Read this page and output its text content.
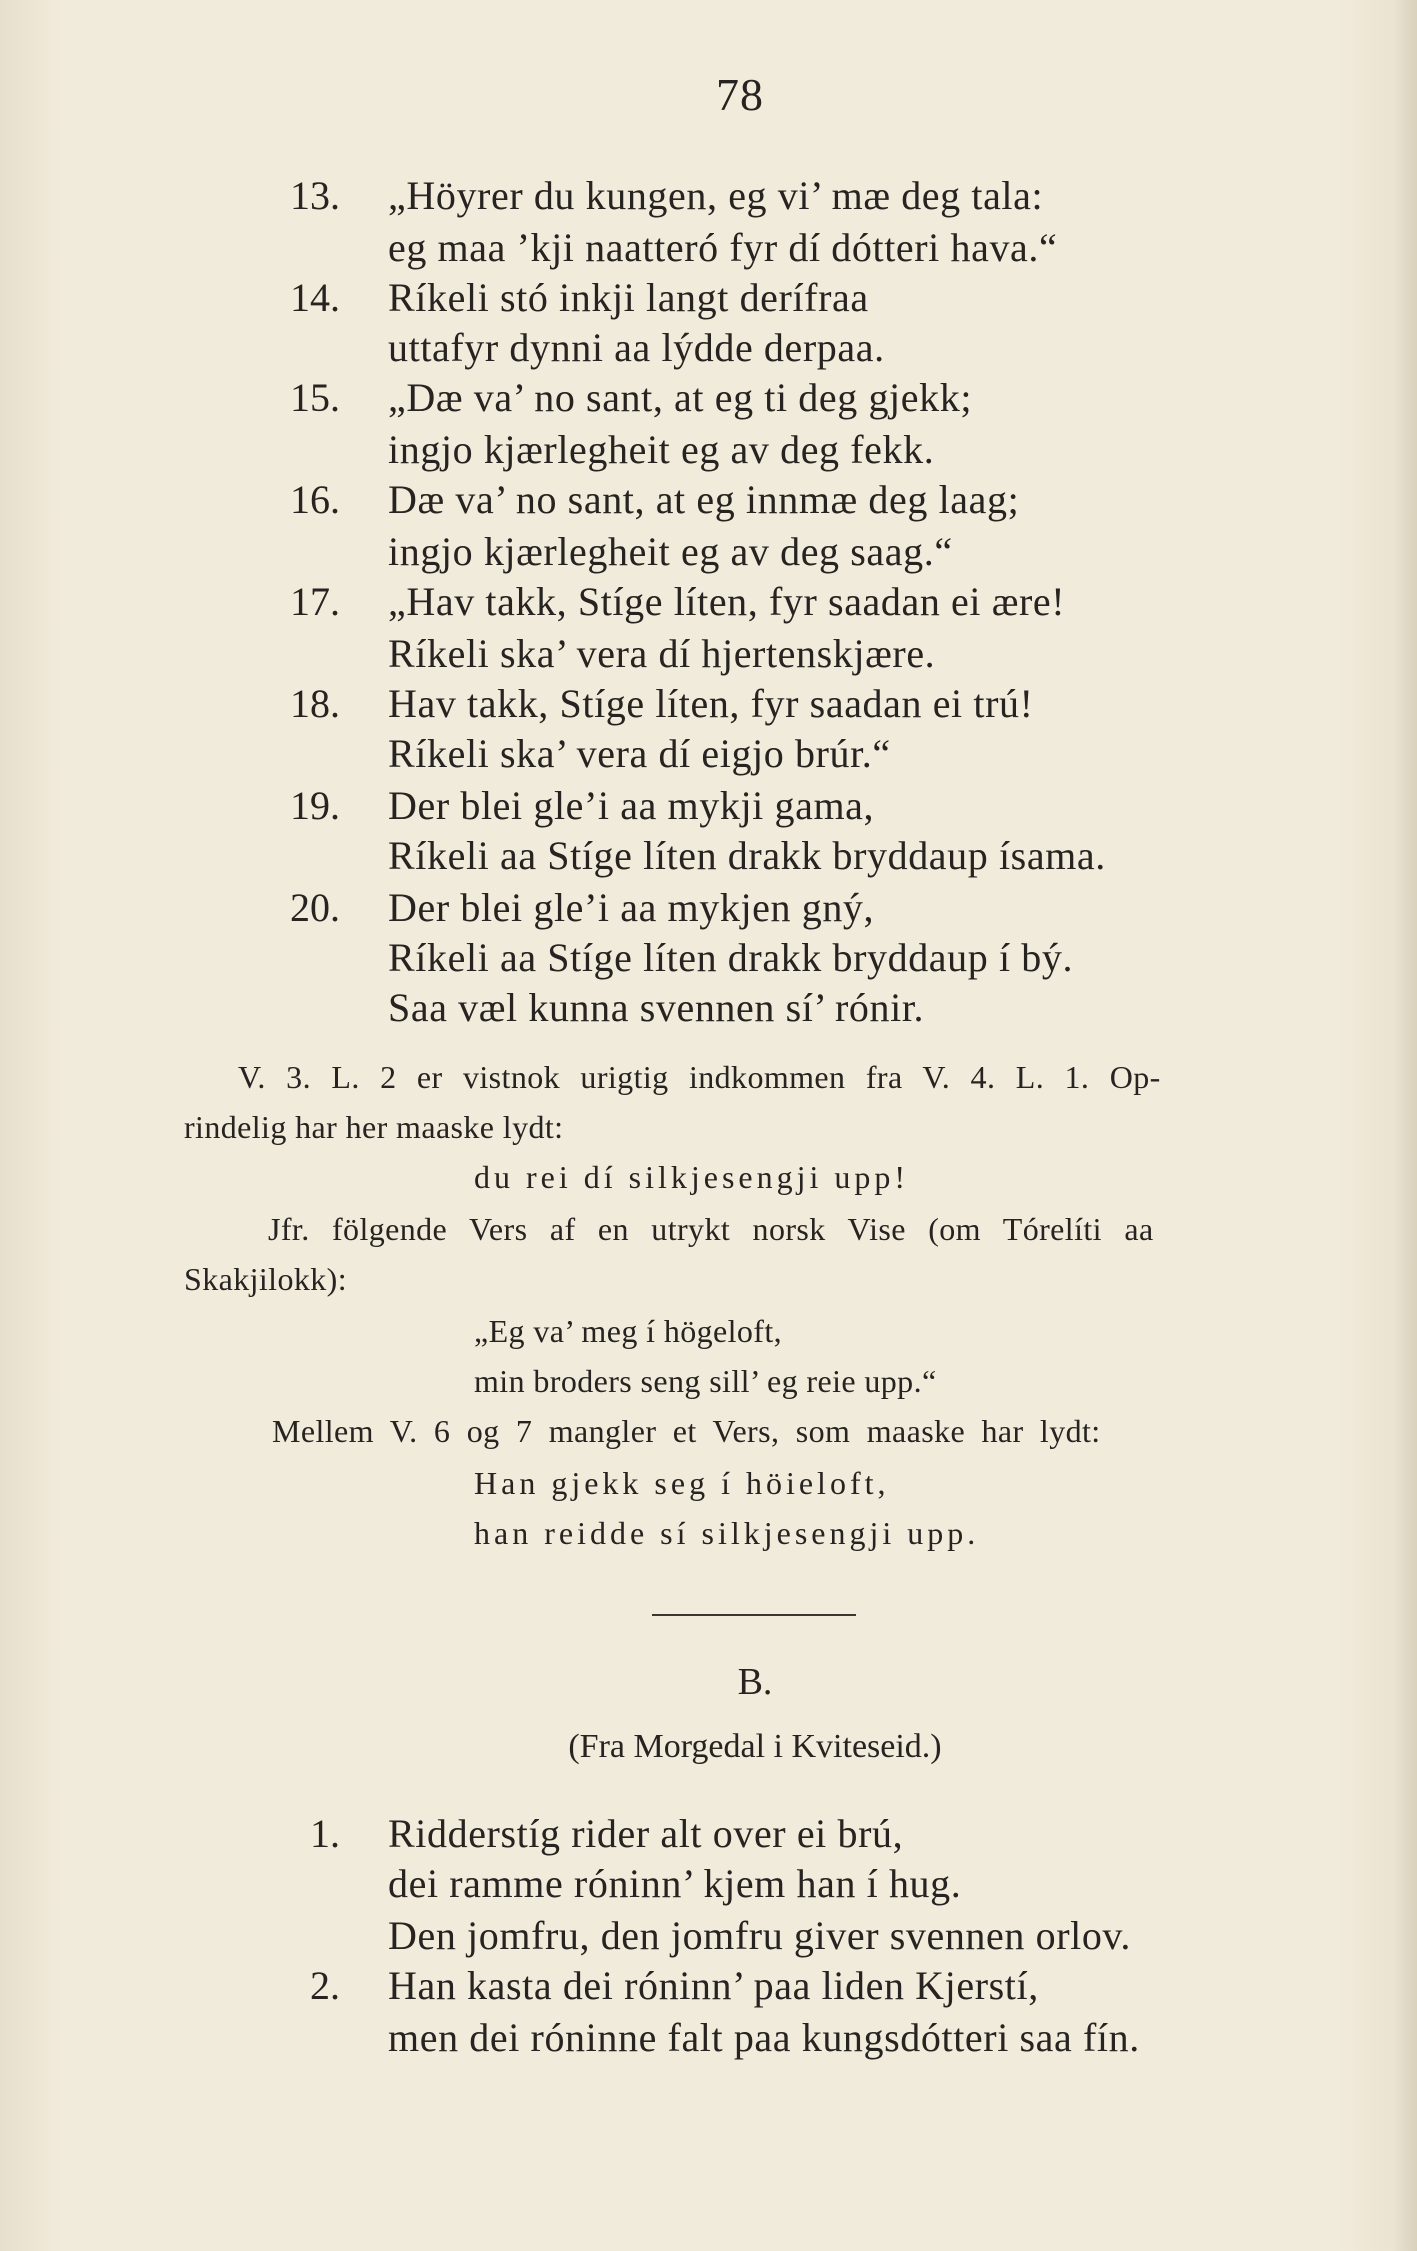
78
13. „Höyrer du kungen, eg vi’ mæ deg tala:
eg maa ’kji naatteró fyr dí dótteri hava.“
14. Ríkeli stó inkji langt derífraa
uttafyr dynni aa lýdde derpaa.
15. „Dæ va’ no sant, at eg ti deg gjekk;
ingjo kjærlegheit eg av deg fekk.
16. Dæ va’ no sant, at eg innmæ deg laag;
ingjo kjærlegheit eg av deg saag.“
17. „Hav takk, Stíge líten, fyr saadan ei ære!
Ríkeli ska’ vera dí hjertenskjære.
18. Hav takk, Stíge líten, fyr saadan ei trú!
Ríkeli ska’ vera dí eigjo brúr.“
19. Der blei gle’i aa mykji gama,
Ríkeli aa Stíge líten drakk bryddaup ísama.
20. Der blei gle’i aa mykjen gný,
Ríkeli aa Stíge líten drakk bryddaup í bý.
Saa væl kunna svennen sí’ rónir.
V. 3. L. 2 er vistnok urigtig indkommen fra V. 4. L. 1. Op-
rindelig har her maaske lydt:
du rei dí silkjesengji upp!
Jfr. fölgende Vers af en utrykt norsk Vise (om Tórelíti aa
Skakjilokk):
„Eg va’ meg í högeloft,
min broders seng sill’ eg reie upp.“
Mellem V. 6 og 7 mangler et Vers, som maaske har lydt:
Han gjekk seg í höieloft,
han reidde sí silkjesengji upp.
B.
(Fra Morgedal i Kviteseid.)
1. Ridderstíg rider alt over ei brú,
dei ramme róninn’ kjem han í hug.
Den jomfru, den jomfru giver svennen orlov.
2. Han kasta dei róninn’ paa liden Kjerstí,
men dei róninne falt paa kungsdótteri saa fín.
